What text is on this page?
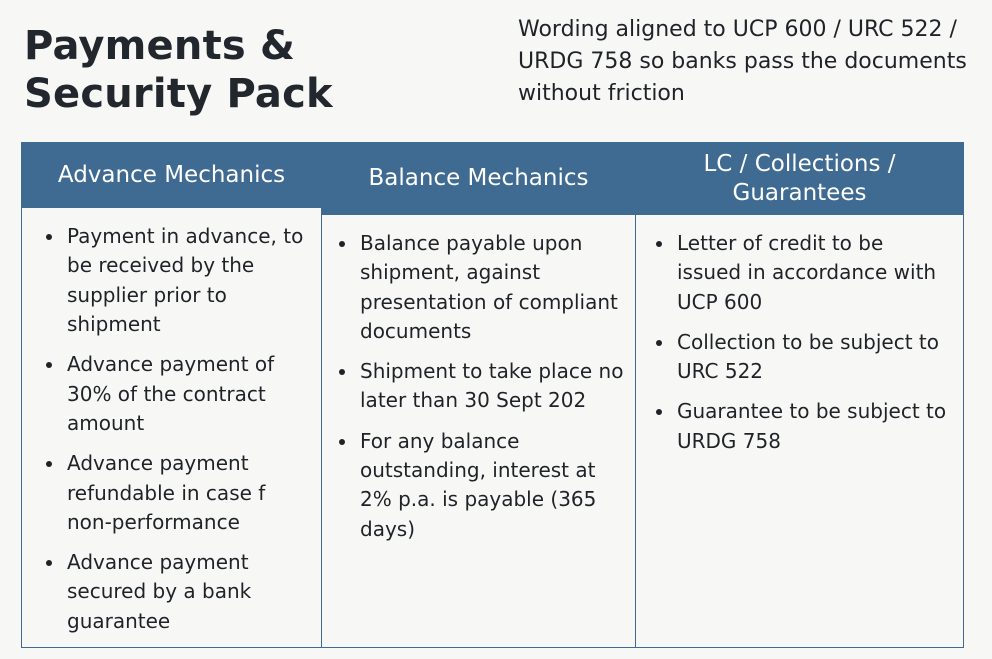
Payments & Security Pack

Wording aligned to UCP 600 / URC 522 / URDG 758 so banks pass the documents without friction

Advance Mechanics
Payment in advance, to be received by the supplier prior to shipment
Advance payment of 30% of the contract amount
Advance payment refundable in case f non-performance
Advance payment secured by a bank guarantee
Balance Mechanics
Balance payable upon shipment, against presentation of compliant documents
Shipment to take place no later than 30 Sept 202
For any balance outstanding, interest at 2% p.a. is payable (365 days)
LC / Collections / Guarantees
Letter of credit to be issued in accordance with UCP 600
Collection to be subject to URC 522
Guarantee to be subject to URDG 758
